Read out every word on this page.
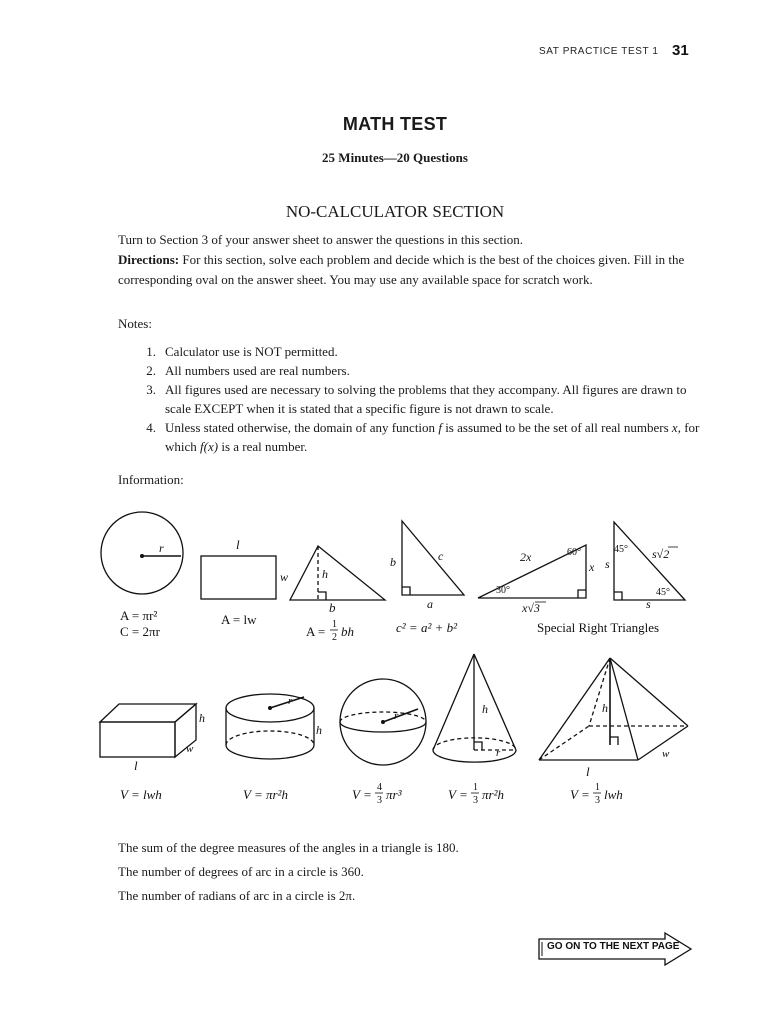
SAT PRACTICE TEST 1 31
MATH TEST
25 Minutes—20 Questions
NO-CALCULATOR SECTION
Turn to Section 3 of your answer sheet to answer the questions in this section.
Directions: For this section, solve each problem and decide which is the best of the choices given. Fill in the corresponding oval on the answer sheet. You may use any available space for scratch work.
Notes:
1. Calculator use is NOT permitted.
2. All numbers used are real numbers.
3. All figures used are necessary to solving the problems that they accompany. All figures are drawn to scale EXCEPT when it is stated that a specific figure is not drawn to scale.
4. Unless stated otherwise, the domain of any function f is assumed to be the set of all real numbers x, for which f(x) is a real number.
Information:
r
A = πr²
C = 2πr
l
w
A = lw
h
b
A = 1
2 bh
b	c
a
c² = a² + b²
2x	60°
x
30°
x√3
45° s√2
s
45°
s
Special Right Triangles
h
w
l
V = lwh
r
h
V = πr²h
r
V = 4
3 πr³
h
r
V = 1
3 πr²h
h
w
l
V = 1
3 lwh
The sum of the degree measures of the angles in a triangle is 180.
The number of degrees of arc in a circle is 360.
The number of radians of arc in a circle is 2π.
GO ON TO THE NEXT PAGE
